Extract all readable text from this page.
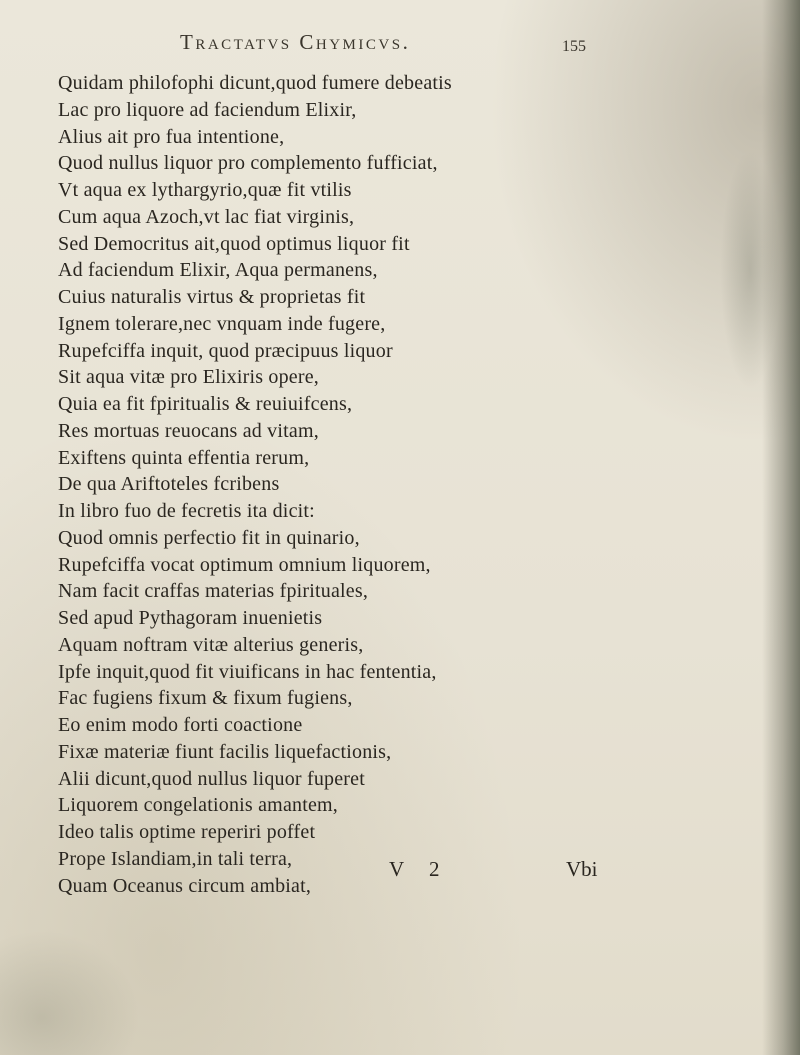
Tractatvs Chymicvs.	155
Quidam philofophi dicunt,quod fumere debeatis
Lac pro liquore ad faciendum Elixir,
Alius ait pro fua intentione,
Quod nullus liquor pro complemento fufficiat,
Vt aqua ex lythargyrio,quæ fit vtilis
Cum aqua Azoch,vt lac fiat virginis,
Sed Democritus ait,quod optimus liquor fit
Ad faciendum Elixir, Aqua permanens,
Cuius naturalis virtus & proprietas fit
Ignem tolerare,nec vnquam inde fugere,
Rupefciffa inquit, quod præcipuus liquor
Sit aqua vitæ pro Elixiris opere,
Quia ea fit fpiritualis & reuiuifcens,
Res mortuas reuocans ad vitam,
Exiftens quinta effentia rerum,
De qua Ariftoteles fcribens
In libro fuo de fecretis ita dicit:
Quod omnis perfectio fit in quinario,
Rupefciffa vocat optimum omnium liquorem,
Nam facit craffas materias fpirituales,
Sed apud Pythagoram inuenietis
Aquam noftram vitæ alterius generis,
Ipfe inquit,quod fit viuificans in hac fententia,
Fac fugiens fixum & fixum fugiens,
Eo enim modo forti coactione
Fixæ materiæ fiunt facilis liquefactionis,
Alii dicunt,quod nullus liquor fuperet
Liquorem congelationis amantem,
Ideo talis optime reperiri poffet
Prope Islandiam,in tali terra,
Quam Oceanus circum ambiat,
V 2	Vbi
